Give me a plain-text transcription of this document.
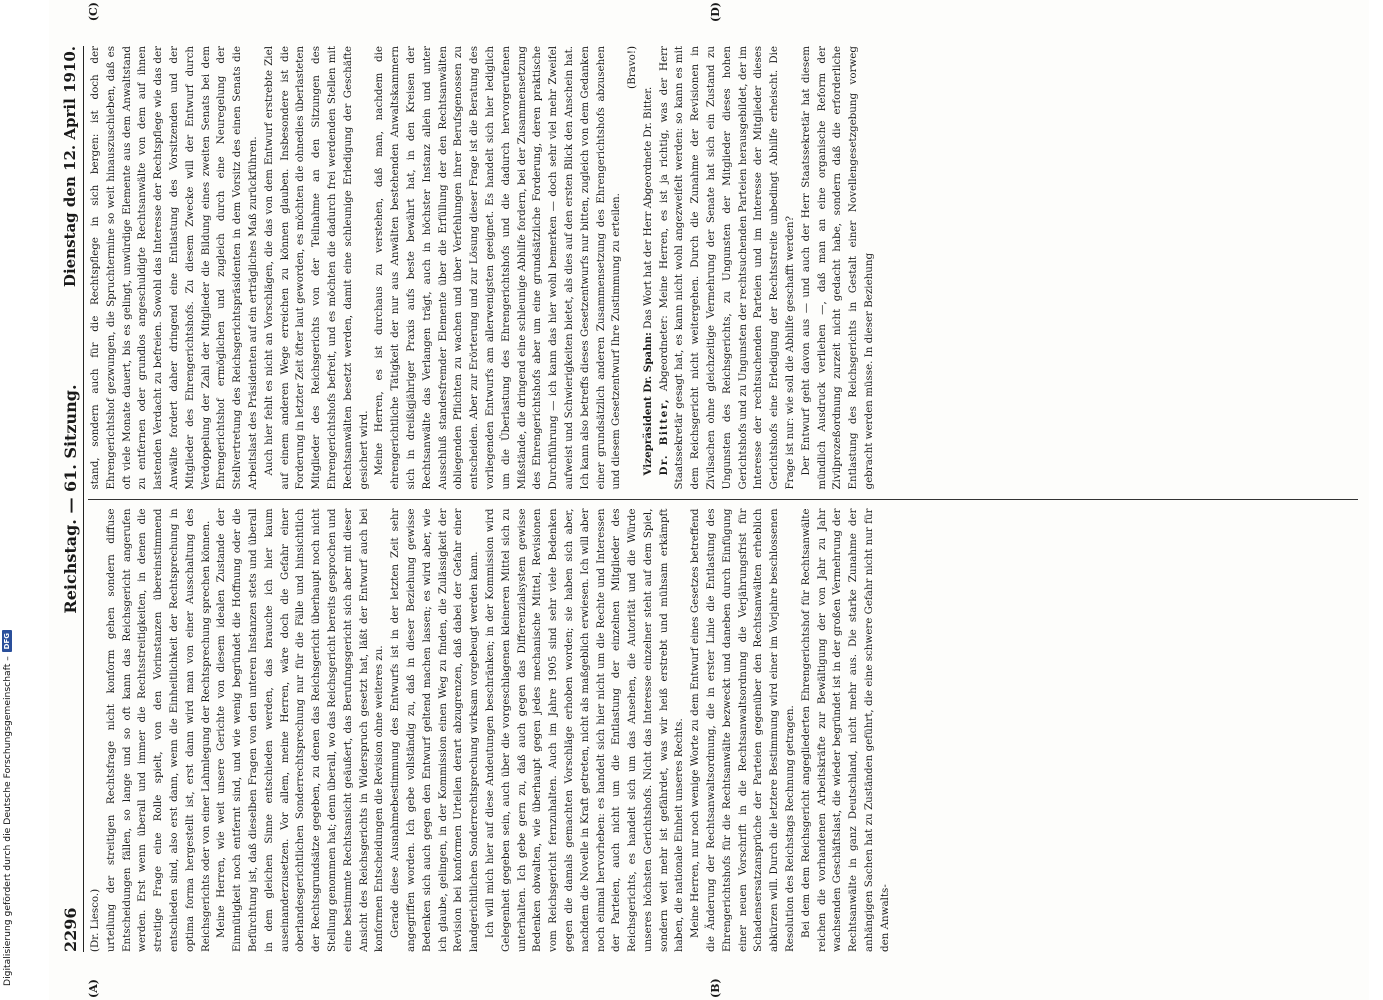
2296
Reichstag. — 61. Sitzung.
Dienstag den 12. April 1910.

(Dr. Liesco.) urteilung der streitigen Rechtsfrage nicht konform gehen sondern diffuse Entscheidungen fällen, so lange und so oft kann das Reichsgericht angerufen werden. Erst wenn überall und immer die Rechtsstreitigkeiten, in denen die streitige Frage eine Rolle spielt, von den Vorinstanzen übereinstimmend entschieden sind, also erst dann, wenn die Einheitlichkeit der Rechtsprechung in optima forma hergestellt ist, erst dann wird man von einer Ausschaltung des Reichsgerichts oder von einer Lahmlegung der Rechtsprechung sprechen können. Meine Herren, wie weit unsere Gerichte von diesem idealen Zustande der Einmütigkeit noch entfernt sind, und wie wenig begründet die Hoffnung oder die Befürchtung ist, daß dieselben Fragen von den unteren Instanzen stets und überall in dem gleichen Sinne entschieden werden, das brauche ich hier kaum auseinanderzusetzen. Vor allem, meine Herren, wäre doch die Gefahr einer oberlandesgerichtlichen Sonderrechtsprechung nur für die Fälle und hinsichtlich der Rechtsgrundsätze gegeben, zu denen das Reichsgericht überhaupt noch nicht Stellung genommen hat; denn überall, wo das Reichsgericht bereits gesprochen und eine bestimmte Rechtsansicht geäußert, das Berufungsgericht sich aber mit dieser Ansicht des Reichsgerichts in Widerspruch gesetzt hat, läßt der Entwurf auch bei konformen Entscheidungen die Revision ohne weiteres zu. Gerade diese Ausnahmebestimmung des Entwurfs ist in der letzten Zeit sehr angegriffen worden. Ich gebe vollständig zu, daß in dieser Beziehung gewisse Bedenken sich auch gegen den Entwurf geltend machen lassen; es wird aber, wie ich glaube, gelingen, in der Kommission einen Weg zu finden, die Zulässigkeit der Revision bei konformen Urteilen derart abzugrenzen, daß dabei der Gefahr einer landgerichtlichen Sonderrechtsprechung wirksam vorgebeugt werden kann. Ich will mich hier auf diese Andeutungen beschränken; in der Kommission wird Gelegenheit gegeben sein, auch über die vorgeschlagenen kleineren Mittel sich zu unterhalten. Ich gebe gern zu, daß auch gegen das Differenzialsystem gewisse Bedenken obwalten, wie überhaupt gegen jedes mechanische Mittel, Revisionen vom Reichsgericht fernzuhalten. Auch im Jahre 1905 sind sehr viele Bedenken gegen die damals gemachten Vorschläge erhoben worden; sie haben sich aber, nachdem die Novelle in Kraft getreten, nicht als maßgeblich erwiesen. Ich will aber noch einmal hervorheben: es handelt sich hier nicht um die Rechte und Interessen der Parteien, auch nicht um die Entlastung der einzelnen Mitglieder des Reichsgerichts, es handelt sich um das Ansehen, die Autorität und die Würde unseres höchsten Gerichtshofs. Nicht das Interesse einzelner steht auf dem Spiel, sondern weit mehr ist gefährdet, was wir heiß erstrebt und mühsam erkämpft haben, die nationale Einheit unseres Rechts. Meine Herren, nur noch wenige Worte zu dem Entwurf eines Gesetzes betreffend die Änderung der Rechtsanwaltsordnung, die in erster Linie die Entlastung des Ehrengerichtshofs für die Rechtsanwälte bezweckt und daneben durch Einfügung einer neuen Vorschrift in die Rechtsanwaltsordnung die Verjährungsfrist für Schadensersatzansprüche der Parteien gegenüber den Rechtsanwälten erheblich abkürzen will. Durch die letztere Bestimmung wird einer im Vorjahre beschlossenen Resolution des Reichstags Rechnung getragen. Bei dem dem Reichsgericht angegliederten Ehrengerichtshof für Rechtsanwälte reichen die vorhandenen Arbeitskräfte zur Bewältigung der von Jahr zu Jahr wachsenden Geschäftslast, die wieder begründet ist in der großen Vermehrung der Rechtsanwälte in ganz Deutschland, nicht mehr aus. Die starke Zunahme der anhängigen Sachen hat zu Zuständen geführt, die eine schwere Gefahr nicht nur für den Anwalts-

stand, sondern auch für die Rechtspflege in sich bergen: ist doch der Ehrengerichtshof gezwungen, die Spruchtermine so weit hinauszuschieben, daß es oft viele Monate dauert, bis es gelingt, unwürdige Elemente aus dem Anwaltstand zu entfernen oder grundlos angeschuldigte Rechtsanwälte von dem auf ihnen lastenden Verdacht zu befreien. Sowohl das Interesse der Rechtspflege wie das der Anwälte fordert daher dringend eine Entlastung des Vorsitzenden und der Mitglieder des Ehrengerichtshofs. Zu diesem Zwecke will der Entwurf durch Verdoppelung der Zahl der Mitglieder die Bildung eines zweiten Senats bei dem Ehrengerichtshof ermöglichen und zugleich durch eine Neuregelung der Stellvertretung des Reichsgerichtspräsidenten in dem Vorsitz des einen Senats die Arbeitslast des Präsidenten auf ein erträgliches Maß zurückführen. Auch hier fehlt es nicht an Vorschlägen, die das von dem Entwurf erstrebte Ziel auf einem anderen Wege erreichen zu können glauben. Insbesondere ist die Forderung in letzter Zeit öfter laut geworden, es möchten die ohnedies überlasteten Mitglieder des Reichsgerichts von der Teilnahme an den Sitzungen des Ehrengerichtshofs befreit, und es möchten die dadurch frei werdenden Stellen mit Rechtsanwälten besetzt werden, damit eine schleunige Erledigung der Geschäfte gesichert wird. Meine Herren, es ist durchaus zu verstehen, daß man, nachdem die ehrengerichtliche Tätigkeit der nur aus Anwälten bestehenden Anwaltskammern sich in dreißigjähriger Praxis aufs beste bewährt hat, in den Kreisen der Rechtsanwälte das Verlangen trägt, auch in höchster Instanz allein und unter Ausschluß standesfremder Elemente über die Erfüllung der den Rechtsanwälten obliegenden Pflichten zu wachen und über Verfehlungen ihrer Berufsgenossen zu entscheiden. Aber zur Erörterung und zur Lösung dieser Frage ist die Beratung des vorliegenden Entwurfs am allerwenigsten geeignet. Es handelt sich hier lediglich um die Überlastung des Ehrengerichtshofs und die dadurch hervorgerufenen Mißstände, die dringend eine schleunige Abhilfe fordern, bei der Zusammensetzung des Ehrengerichtshofs aber um eine grundsätzliche Forderung, deren praktische Durchführung — ich kann das hier wohl bemerken — doch sehr viel mehr Zweifel aufweist und Schwierigkeiten bietet, als dies auf den ersten Blick den Anschein hat. Ich kann also betreffs dieses Gesetzentwurfs nur bitten, zugleich von dem Gedanken einer grundsätzlich anderen Zusammensetzung des Ehrengerichtshofs abzusehen und diesem Gesetzentwurf Ihre Zustimmung zu erteilen.

(Bravo!)

Vizepräsident Dr. Spahn: Das Wort hat der Herr Abgeordnete Dr. Bitter.

Dr. Bitter, Abgeordneter: Meine Herren, es ist ja richtig, was der Herr Staatssekretär gesagt hat, es kann nicht wohl angezweifelt werden: so kann es mit dem Reichsgericht nicht weitergehen. Durch die Zunahme der Revisionen in Zivilsachen ohne gleichzeitige Vermehrung der Senate hat sich ein Zustand zu Ungunsten des Reichsgerichts, zu Ungunsten der Mitglieder dieses hohen Gerichtshofs und zu Ungunsten der rechtsuchenden Parteien herausgebildet, der im Interesse der rechtsuchenden Parteien und im Interesse der Mitglieder dieses Gerichtshofs eine Erledigung der Rechtsstreite unbedingt Abhilfe erheischt. Die Frage ist nur: wie soll die Abhilfe geschafft werden? Der Entwurf geht davon aus — und auch der Herr Staatssekretär hat diesem mündlich Ausdruck verliehen —, daß man an eine organische Reform der Zivilprozeßordnung zurzeit nicht gedacht habe, sondern daß die erforderliche Entlastung des Reichsgerichts in Gestalt einer Novellengesetzgebung vorweg gebracht werden müsse. In dieser Beziehung

(A)	(B)
(C)	(D)
Digitalisierung gefördert durch die Deutsche Forschungsgemeinschaft –
DFG
